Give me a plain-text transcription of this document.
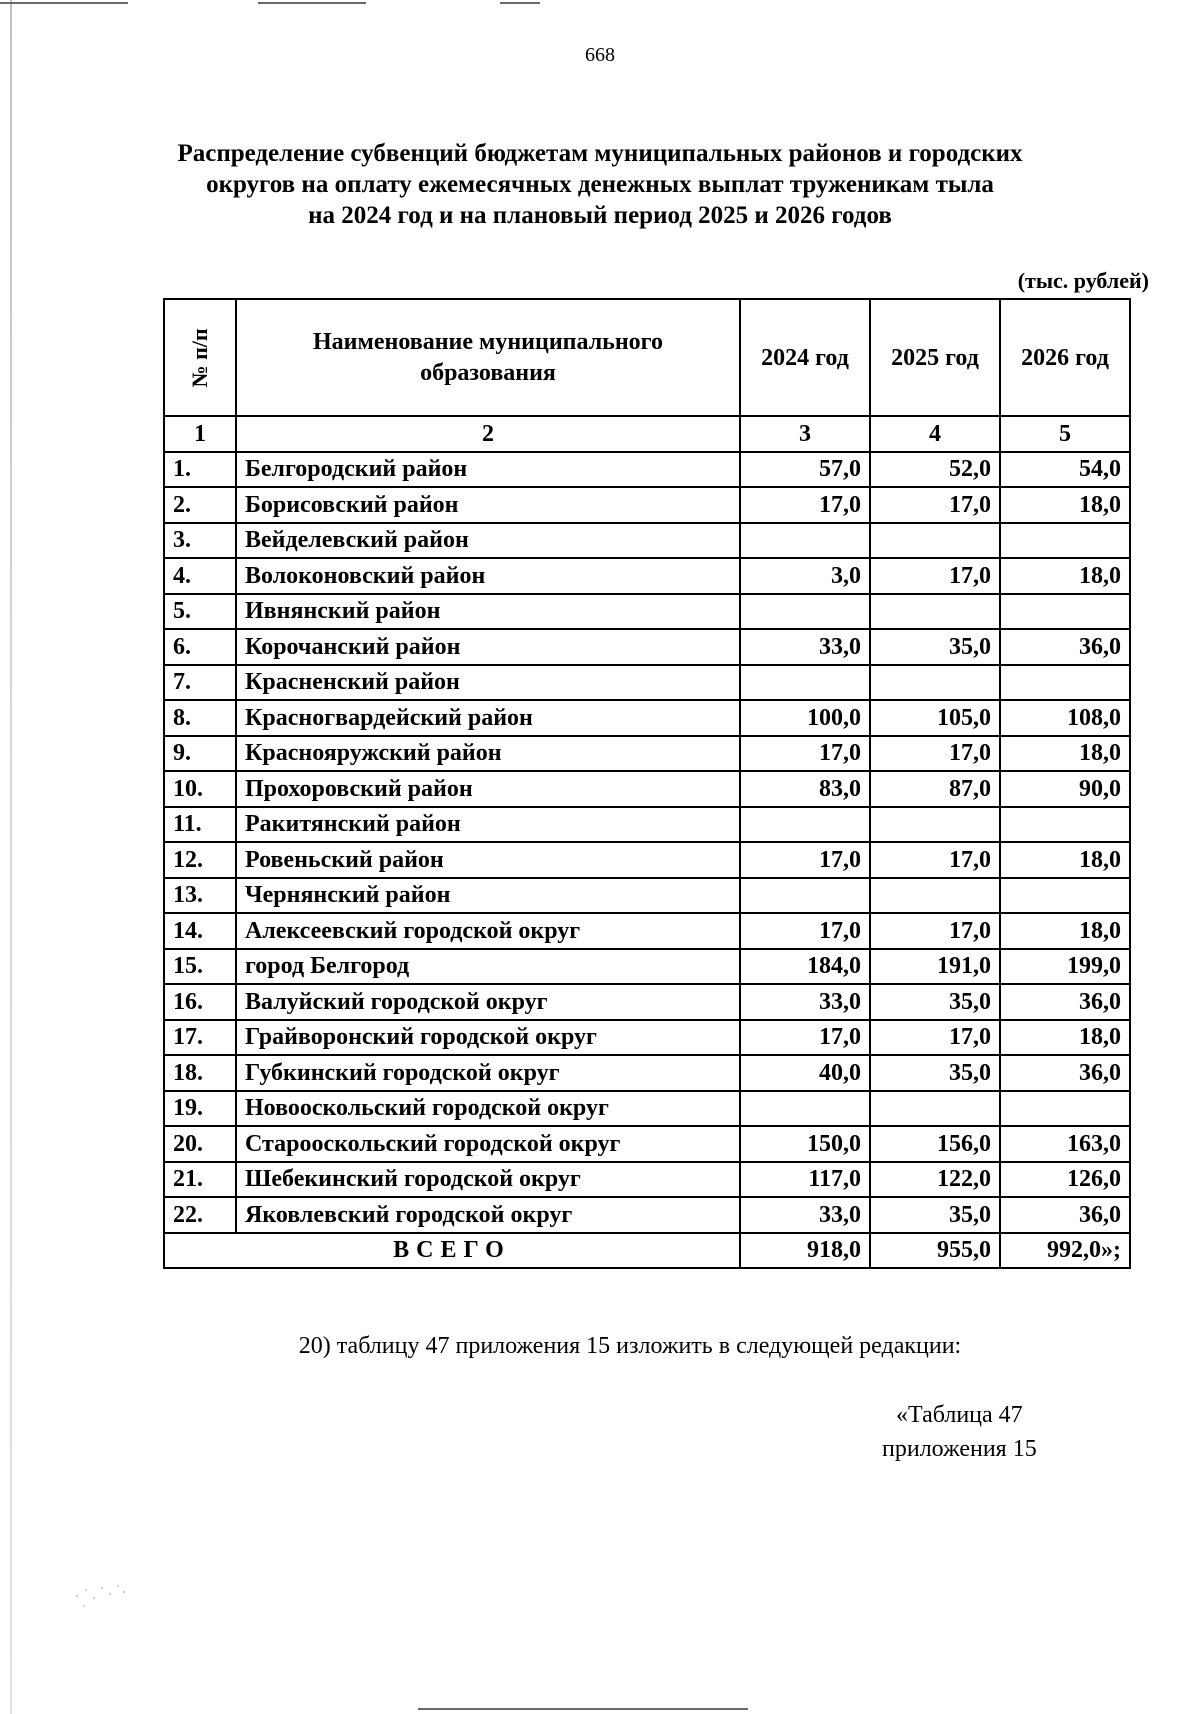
668
Распределение субвенций бюджетам муниципальных районов и городских
округов на оплату ежемесячных денежных выплат труженикам тыла
на 2024 год и на плановый период 2025 и 2026 годов
(тыс. рублей)
№ п/п	Наименование муниципального образования	2024 год	2025 год	2026 год
1	2	3	4	5
1.	Белгородский район	57,0	52,0	54,0
2.	Борисовский район	17,0	17,0	18,0
3.	Вейделевский район			
4.	Волоконовский район	3,0	17,0	18,0
5.	Ивнянский район			
6.	Корочанский район	33,0	35,0	36,0
7.	Красненский район			
8.	Красногвардейский район	100,0	105,0	108,0
9.	Краснояружский район	17,0	17,0	18,0
10.	Прохоровский район	83,0	87,0	90,0
11.	Ракитянский район			
12.	Ровеньский район	17,0	17,0	18,0
13.	Чернянский район			
14.	Алексеевский городской округ	17,0	17,0	18,0
15.	город Белгород	184,0	191,0	199,0
16.	Валуйский городской округ	33,0	35,0	36,0
17.	Грайворонский городской округ	17,0	17,0	18,0
18.	Губкинский городской округ	40,0	35,0	36,0
19.	Новооскольский городской округ			
20.	Старооскольский городской округ	150,0	156,0	163,0
21.	Шебекинский городской округ	117,0	122,0	126,0
22.	Яковлевский городской округ	33,0	35,0	36,0
ВСЕГО		918,0	955,0	992,0»;
20) таблицу 47 приложения 15 изложить в следующей редакции:
«Таблица 47
приложения 15
